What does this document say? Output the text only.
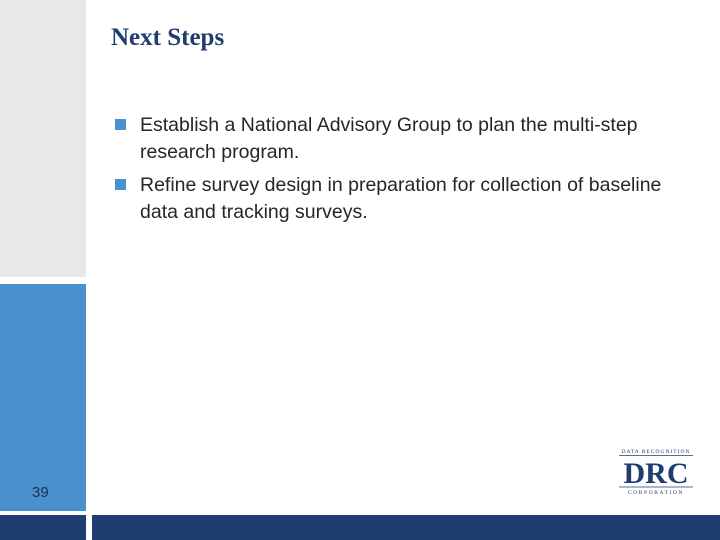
Next Steps
Establish a National Advisory Group to plan the multi-step research program.
Refine survey design in preparation for collection of baseline data and tracking surveys.
39
DATA RECOGNITION
DRC
CORPORATION
